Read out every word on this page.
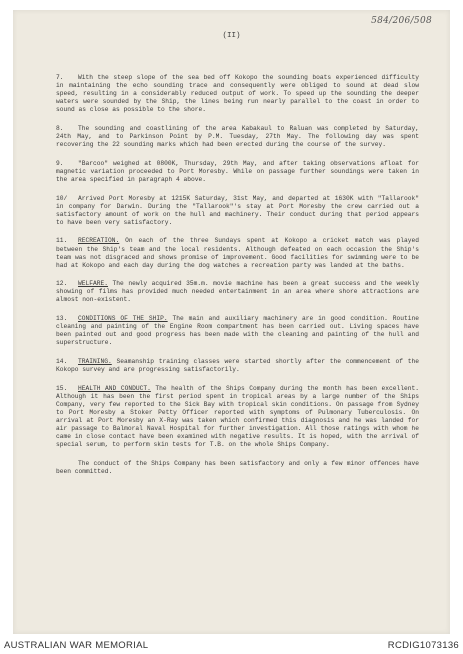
584/206/508
(II)

7. With the steep slope of the sea bed off Kokopo the sounding boats experienced difficulty in maintaining the echo sounding trace and consequently were obliged to sound at dead slow speed, resulting in a considerably reduced output of work. To speed up the sounding the deeper waters were sounded by the Ship, the lines being run nearly parallel to the coast in order to sound as close as possible to the shore.

8. The sounding and coastlining of the area Kabakaul to Raluan was completed by Saturday, 24th May, and to Parkinson Point by P.M. Tuesday, 27th May. The following day was spent recovering the 22 sounding marks which had been erected during the course of the survey.

9. "Barcoo" weighed at 0800K, Thursday, 29th May, and after taking observations afloat for magnetic variation proceeded to Port Moresby. While on passage further soundings were taken in the area specified in paragraph 4 above.

10/ Arrived Port Moresby at 1215K Saturday, 31st May, and departed at 1630K with "Tallarook" in company for Darwin. During the "Tallarook"'s stay at Port Moresby the crew carried out a satisfactory amount of work on the hull and machinery. Their conduct during that period appears to have been very satisfactory.

11. RECREATION. On each of the three Sundays spent at Kokopo a cricket match was played between the Ship's team and the local residents. Although defeated on each occasion the Ship's team was not disgraced and shows promise of improvement. Good facilities for swimming were to be had at Kokopo and each day during the dog watches a recreation party was landed at the baths.

12. WELFARE. The newly acquired 35m.m. movie machine has been a great success and the weekly showing of films has provided much needed entertainment in an area where shore attractions are almost non-existent.

13. CONDITIONS OF THE SHIP. The main and auxiliary machinery are in good condition. Routine cleaning and painting of the Engine Room compartment has been carried out. Living spaces have been painted out and good progress has been made with the cleaning and painting of the hull and superstructure.

14. TRAINING. Seamanship training classes were started shortly after the commencement of the Kokopo survey and are progressing satisfactorily.

15. HEALTH AND CONDUCT. The health of the Ships Company during the month has been excellent. Although it has been the first period spent in tropical areas by a large number of the Ships Company, very few reported to the Sick Bay with tropical skin conditions. On passage from Sydney to Port Moresby a Stoker Petty Officer reported with symptoms of Pulmonary Tuberculosis. On arrival at Port Moresby an X-Ray was taken which confirmed this diagnosis and he was landed for air passage to Balmoral Naval Hospital for further investigation. All those ratings with whom he came in close contact have been examined with negative results. It is hoped, with the arrival of special serum, to perform skin tests for T.B. on the whole Ships Company.

The conduct of the Ships Company has been satisfactory and only a few minor offences have been committed.

AUSTRALIAN WAR MEMORIAL	RCDIG1073136
